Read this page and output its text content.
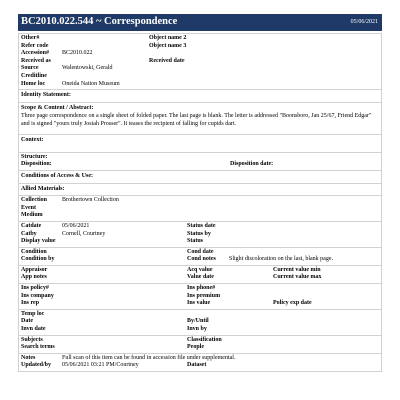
BC2010.022.544 ~ Correspondence	05/06/2021
Other#	Object name 2
Refer code	Object name 3
Accession# BC2010.022
Received as	Received date
Source	Walentowski, Gerald
Creditline
Home loc	Oneida Nation Museum
Identity Statement:
Scope & Content / Abstract:
Three page correspondence on a single sheet of folded paper. The last page is blank. The letter is addressed "Boonsboro, Jan 25/67, Friend Edgar" and is signed "yours truly Josiah Prosser". It teases the recipient of falling for cupids dart.
Context:
Structure:
Disposition:	Disposition date:
Conditions of Access & Use:
Allied Materials:
Collection	Brothertown Collection
Event
Medium
Catdate	05/06/2021	Status date
Catby	Cornell, Courtney	Status by
Display value	Status
Condition	Cond date
Condition by	Cond notes Slight discoloration on the last, blank page.
Appraisor	Acq value	Current value min
App notes	Value date	Current value max
Ins policy#	Ins phone#
Ins company	Ins premium
Ins rep	Ins value	Policy exp date
Temp loc
Date	By/Until
Invn date	Invn by
Subjects	Classification
Search terms	People
Notes	Full scan of this item can be found in accession file under supplemental.
Updated/by 05/06/2021 03:21 PM/Courtney	Dataset
